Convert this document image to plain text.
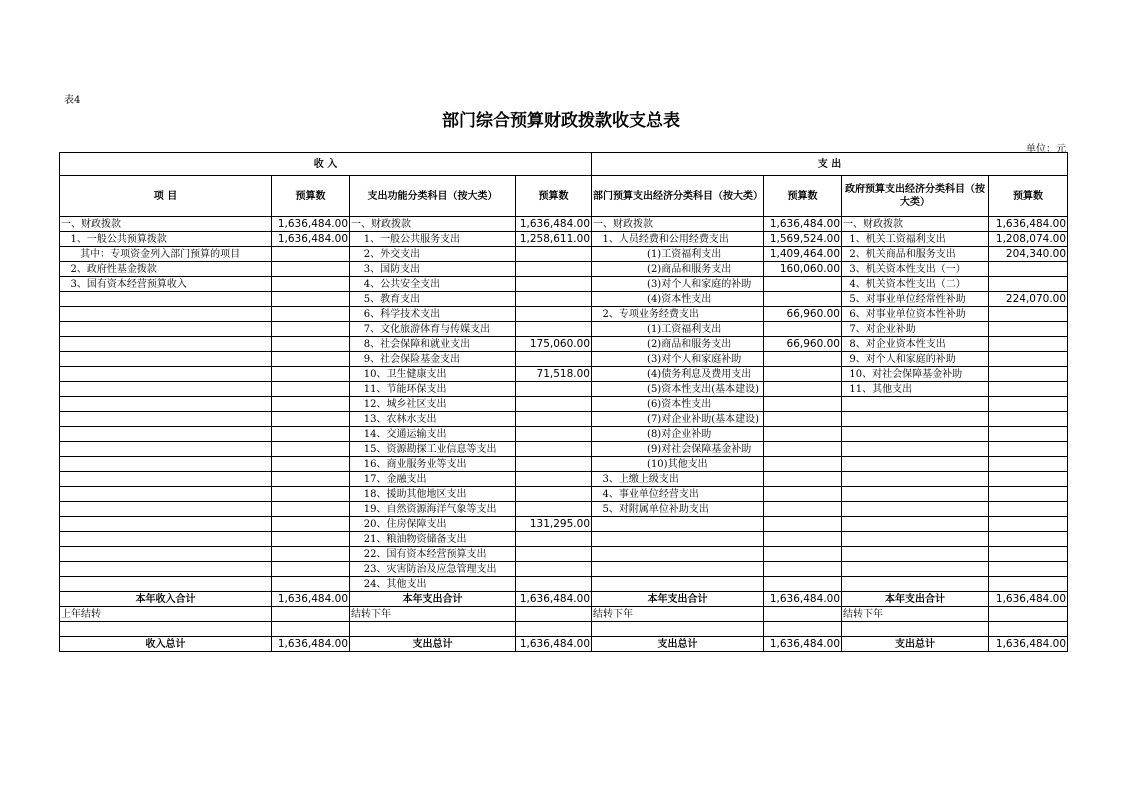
表4
部门综合预算财政拨款收支总表
单位：元
收 入				支 出			
项 目	预算数	支出功能分类科目（按大类）	预算数	部门预算支出经济分类科目（按大类）	预算数	政府预算支出经济分类科目（按大类）	预算数
一、财政拨款	1,636,484.00	一、财政拨款	1,636,484.00	一、财政拨款	1,636,484.00	一、财政拨款	1,636,484.00
1、一般公共预算拨款	1,636,484.00	1、一般公共服务支出	1,258,611.00	1、人员经费和公用经费支出	1,569,524.00	1、机关工资福利支出	1,208,074.00
其中：专项资金列入部门预算的项目		2、外交支出		(1)工资福利支出	1,409,464.00	2、机关商品和服务支出	204,340.00
2、政府性基金拨款		3、国防支出		(2)商品和服务支出	160,060.00	3、机关资本性支出（一）	
3、国有资本经营预算收入		4、公共安全支出		(3)对个人和家庭的补助		4、机关资本性支出（二）	
		5、教育支出		(4)资本性支出		5、对事业单位经常性补助	224,070.00
		6、科学技术支出		2、专项业务经费支出	66,960.00	6、对事业单位资本性补助	
		7、文化旅游体育与传媒支出		(1)工资福利支出		7、对企业补助	
		8、社会保障和就业支出	175,060.00	(2)商品和服务支出	66,960.00	8、对企业资本性支出	
		9、社会保险基金支出		(3)对个人和家庭补助		9、对个人和家庭的补助	
		10、卫生健康支出	71,518.00	(4)债务利息及费用支出		10、对社会保障基金补助	
		11、节能环保支出		(5)资本性支出(基本建设)		11、其他支出	
		12、城乡社区支出		(6)资本性支出			
		13、农林水支出		(7)对企业补助(基本建设)			
		14、交通运输支出		(8)对企业补助			
		15、资源勘探工业信息等支出		(9)对社会保障基金补助			
		16、商业服务业等支出		(10)其他支出			
		17、金融支出		3、上缴上级支出			
		18、援助其他地区支出		4、事业单位经营支出			
		19、自然资源海洋气象等支出		5、对附属单位补助支出			
		20、住房保障支出	131,295.00				
		21、粮油物资储备支出					
		22、国有资本经营预算支出					
		23、灾害防治及应急管理支出					
		24、其他支出					
本年收入合计	1,636,484.00	本年支出合计	1,636,484.00	本年支出合计	1,636,484.00	本年支出合计	1,636,484.00
上年结转		结转下年		结转下年		结转下年	

收入总计	1,636,484.00	支出总计	1,636,484.00	支出总计	1,636,484.00	支出总计	1,636,484.00
